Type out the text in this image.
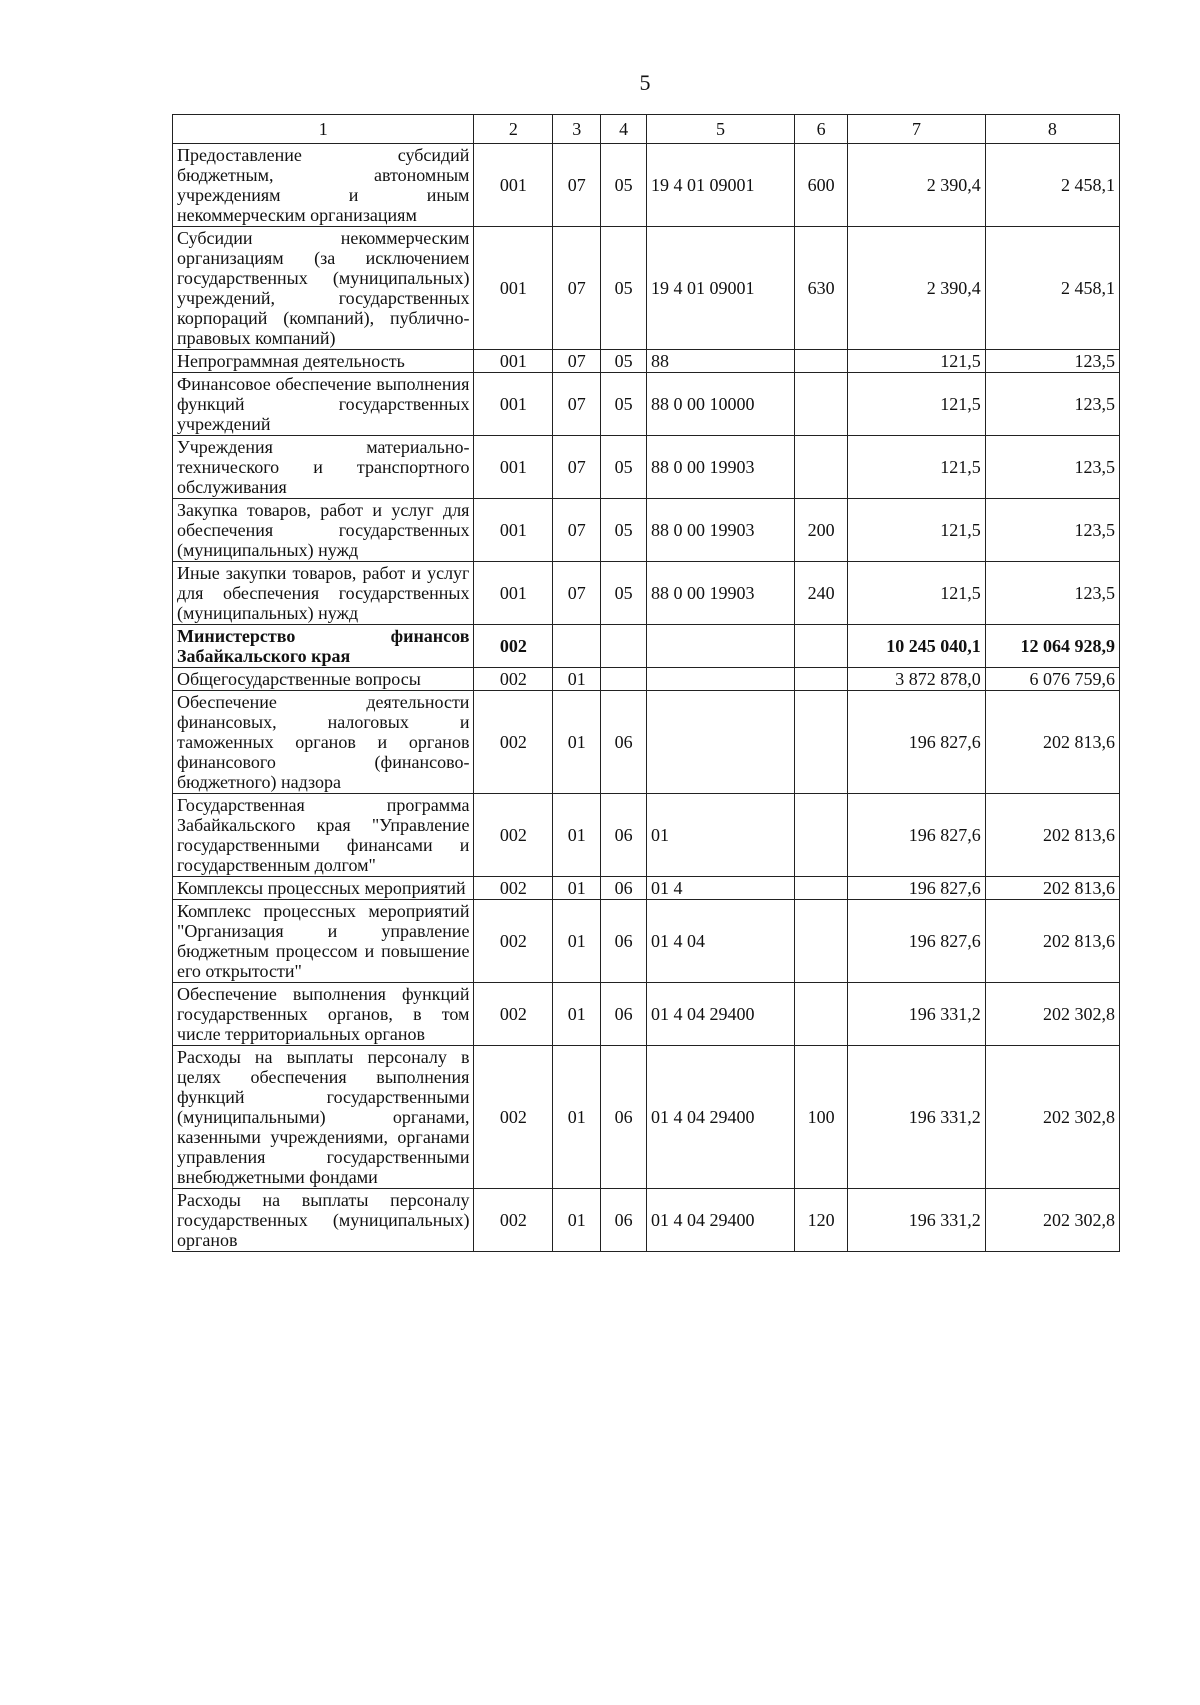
5
1	2	3	4	5	6	7	8
Предоставление субсидий бюджетным, автономным учреждениям и иным некоммерческим организациям	001	07	05	19 4 01 09001	600	2 390,4	2 458,1
Субсидии некоммерческим организациям (за исключением государственных (муниципальных) учреждений, государственных корпораций (компаний), публично-правовых компаний)	001	07	05	19 4 01 09001	630	2 390,4	2 458,1
Непрограммная деятельность	001	07	05	88		121,5	123,5
Финансовое обеспечение выполнения функций государственных учреждений	001	07	05	88 0 00 10000		121,5	123,5
Учреждения материально-технического и транспортного обслуживания	001	07	05	88 0 00 19903		121,5	123,5
Закупка товаров, работ и услуг для обеспечения государственных (муниципальных) нужд	001	07	05	88 0 00 19903	200	121,5	123,5
Иные закупки товаров, работ и услуг для обеспечения государственных (муниципальных) нужд	001	07	05	88 0 00 19903	240	121,5	123,5
Министерство финансов Забайкальского края	002					10 245 040,1	12 064 928,9
Общегосударственные вопросы	002	01				3 872 878,0	6 076 759,6
Обеспечение деятельности финансовых, налоговых и таможенных органов и органов финансового (финансово-бюджетного) надзора	002	01	06			196 827,6	202 813,6
Государственная программа Забайкальского края "Управление государственными финансами и государственным долгом"	002	01	06	01		196 827,6	202 813,6
Комплексы процессных мероприятий	002	01	06	01 4		196 827,6	202 813,6
Комплекс процессных мероприятий "Организация и управление бюджетным процессом и повышение его открытости"	002	01	06	01 4 04		196 827,6	202 813,6
Обеспечение выполнения функций государственных органов, в том числе территориальных органов	002	01	06	01 4 04 29400		196 331,2	202 302,8
Расходы на выплаты персоналу в целях обеспечения выполнения функций государственными (муниципальными) органами, казенными учреждениями, органами управления государственными внебюджетными фондами	002	01	06	01 4 04 29400	100	196 331,2	202 302,8
Расходы на выплаты персоналу государственных (муниципальных) органов	002	01	06	01 4 04 29400	120	196 331,2	202 302,8
